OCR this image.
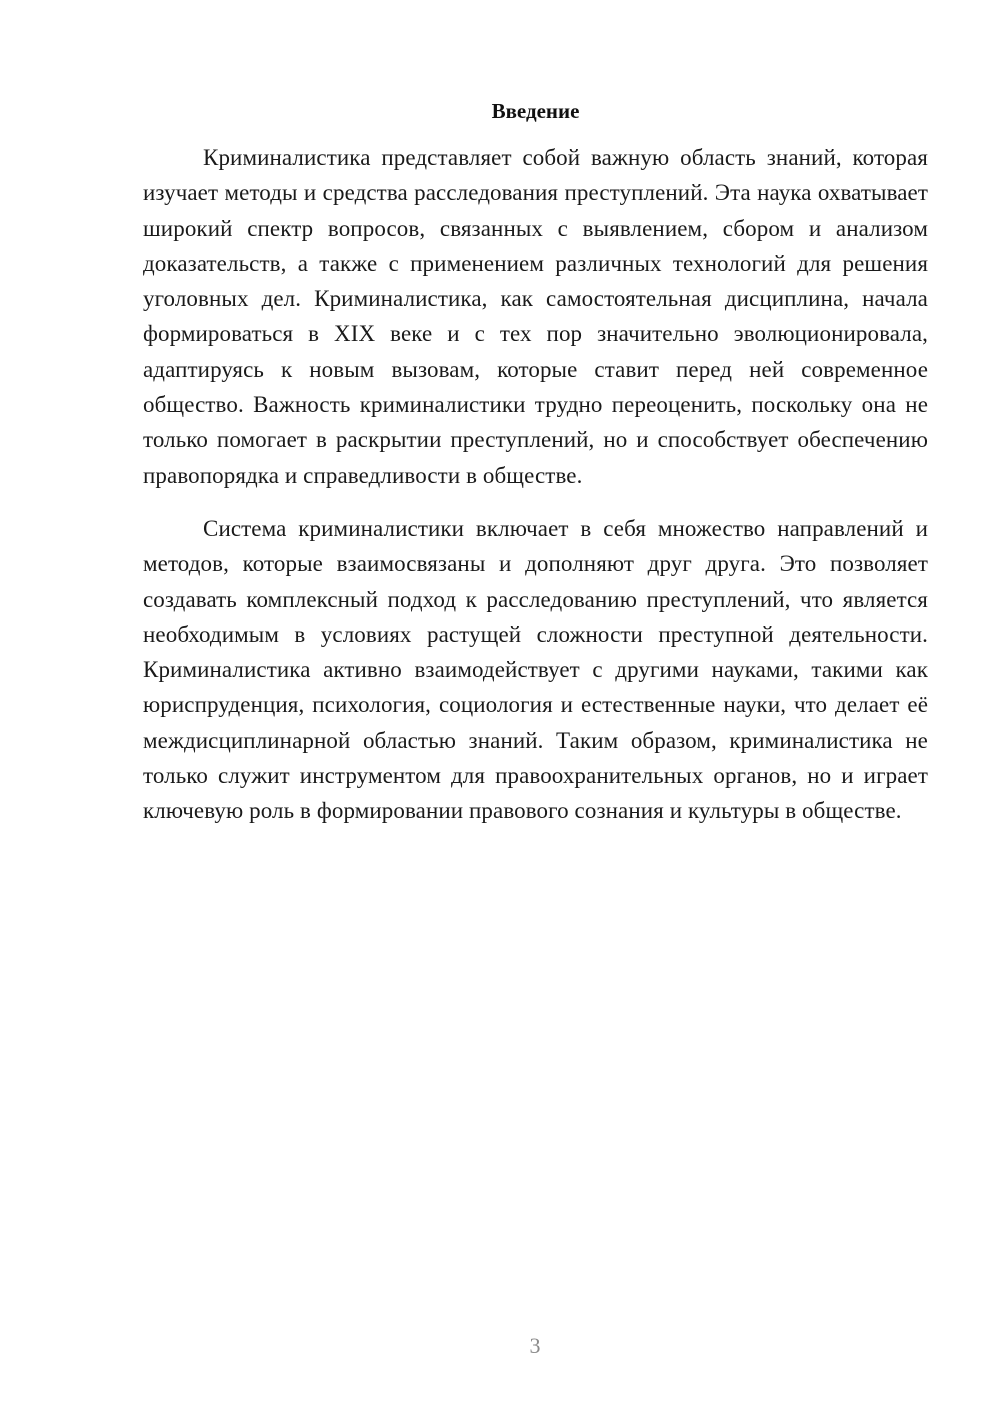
Введение

Криминалистика представляет собой важную область знаний, которая изучает методы и средства расследования преступлений. Эта наука охватывает широкий спектр вопросов, связанных с выявлением, сбором и анализом доказательств, а также с применением различных технологий для решения уголовных дел. Криминалистика, как самостоятельная дисциплина, начала формироваться в XIX веке и с тех пор значительно эволюционировала, адаптируясь к новым вызовам, которые ставит перед ней современное общество. Важность криминалистики трудно переоценить, поскольку она не только помогает в раскрытии преступлений, но и способствует обеспечению правопорядка и справедливости в обществе.

Система криминалистики включает в себя множество направлений и методов, которые взаимосвязаны и дополняют друг друга. Это позволяет создавать комплексный подход к расследованию преступлений, что является необходимым в условиях растущей сложности преступной деятельности. Криминалистика активно взаимодействует с другими науками, такими как юриспруденция, психология, социология и естественные науки, что делает её междисциплинарной областью знаний. Таким образом, криминалистика не только служит инструментом для правоохранительных органов, но и играет ключевую роль в формировании правового сознания и культуры в обществе.

3
